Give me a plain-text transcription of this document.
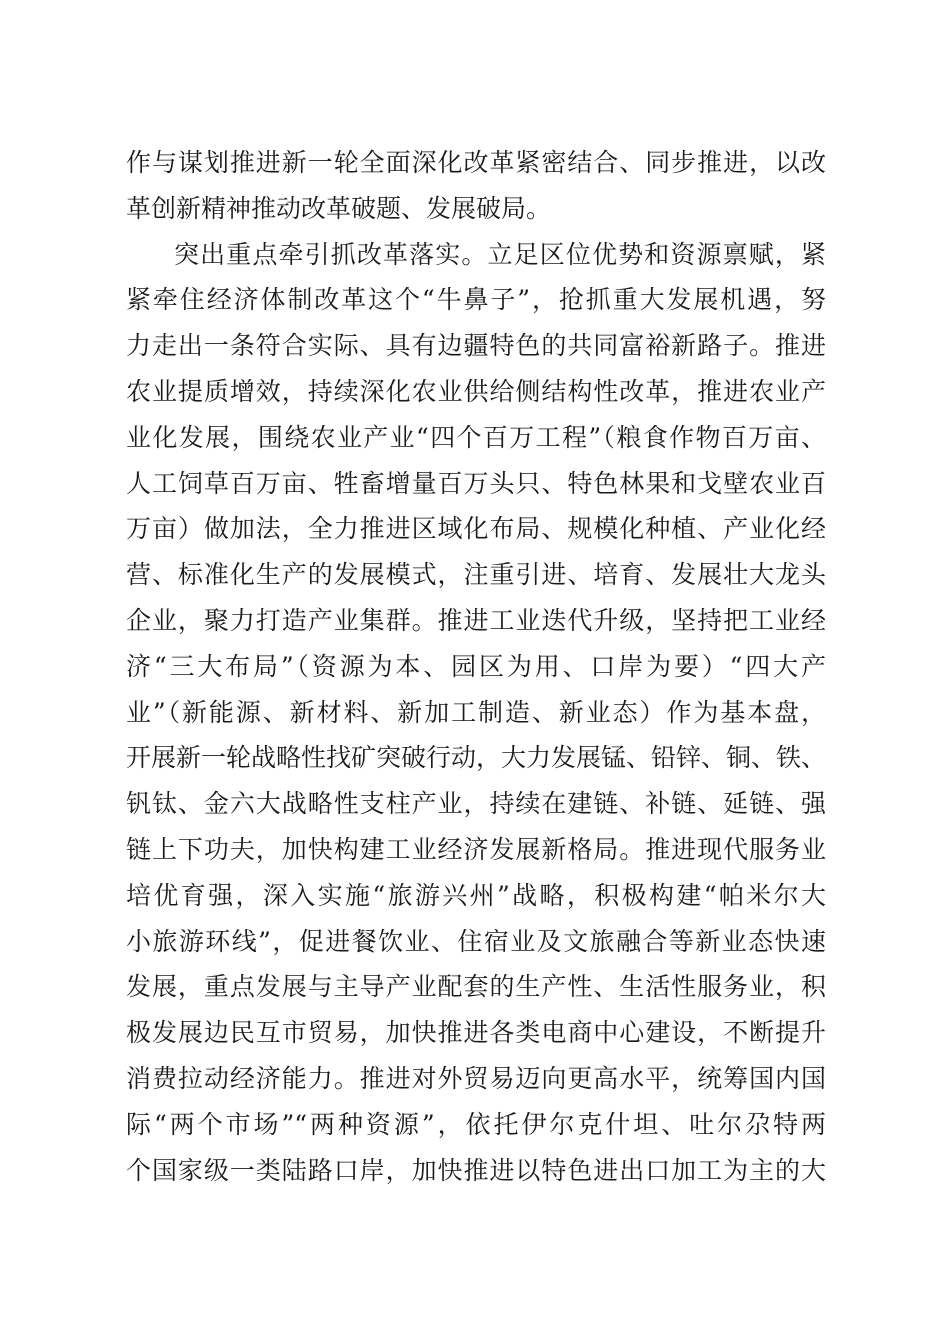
作与谋划推进新一轮全面深化改革紧密结合、同步推进，以改
革创新精神推动改革破题、发展破局。
突出重点牵引抓改革落实。立足区位优势和资源禀赋，紧
紧牵住经济体制改革这个“牛鼻子”，抢抓重大发展机遇，努
力走出一条符合实际、具有边疆特色的共同富裕新路子。推进
农业提质增效，持续深化农业供给侧结构性改革，推进农业产
业化发展，围绕农业产业“四个百万工程”（粮食作物百万亩、
人工饲草百万亩、牲畜增量百万头只、特色林果和戈壁农业百
万亩）做加法，全力推进区域化布局、规模化种植、产业化经
营、标准化生产的发展模式，注重引进、培育、发展壮大龙头
企业，聚力打造产业集群。推进工业迭代升级，坚持把工业经
济“三大布局”（资源为本、园区为用、口岸为要）“四大产
业”（新能源、新材料、新加工制造、新业态）作为基本盘，
开展新一轮战略性找矿突破行动，大力发展锰、铅锌、铜、铁、
钒钛、金六大战略性支柱产业，持续在建链、补链、延链、强
链上下功夫，加快构建工业经济发展新格局。推进现代服务业
培优育强，深入实施“旅游兴州”战略，积极构建“帕米尔大
小旅游环线”，促进餐饮业、住宿业及文旅融合等新业态快速
发展，重点发展与主导产业配套的生产性、生活性服务业，积
极发展边民互市贸易，加快推进各类电商中心建设，不断提升
消费拉动经济能力。推进对外贸易迈向更高水平，统筹国内国
际“两个市场”“两种资源”，依托伊尔克什坦、吐尔尕特两
个国家级一类陆路口岸，加快推进以特色进出口加工为主的大
